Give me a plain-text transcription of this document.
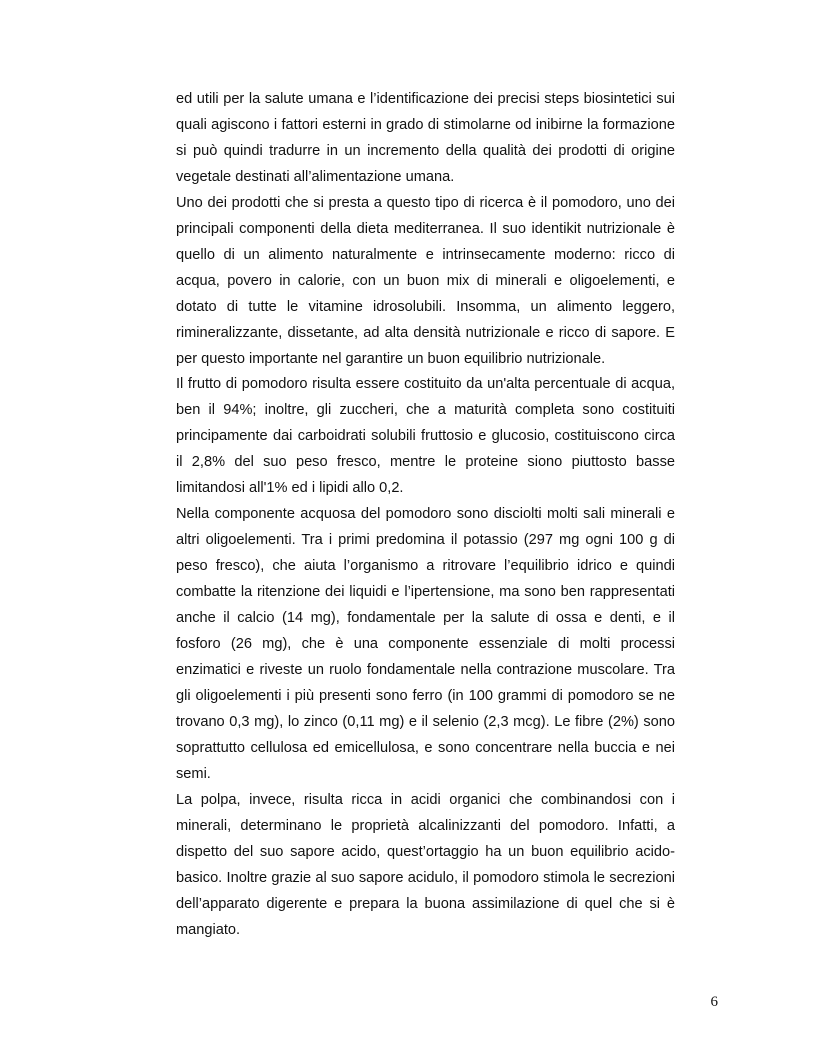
ed utili per la salute umana e l’identificazione dei precisi steps biosintetici sui quali agiscono i fattori esterni in grado di stimolarne od inibirne la formazione si può quindi tradurre in un incremento della qualità dei prodotti di origine vegetale destinati all’alimentazione umana.

Uno dei prodotti che si presta a questo tipo di ricerca è il pomodoro, uno dei principali componenti della dieta mediterranea. Il suo identikit nutrizionale è quello di un alimento naturalmente e intrinsecamente moderno: ricco di acqua, povero in calorie, con un buon mix di minerali e oligoelementi, e dotato di tutte le vitamine idrosolubili. Insomma, un alimento leggero, rimineralizzante, dissetante, ad alta densità nutrizionale e ricco di sapore. E per questo importante nel garantire un buon equilibrio nutrizionale.

Il frutto di pomodoro risulta essere costituito da un'alta percentuale di acqua, ben il 94%; inoltre, gli zuccheri, che a maturità completa sono costituiti principamente dai carboidrati solubili fruttosio e glucosio, costituiscono circa il 2,8% del suo peso fresco, mentre le proteine siono piuttosto basse limitandosi all'1% ed i lipidi allo 0,2.

Nella componente acquosa del pomodoro sono disciolti molti sali minerali e altri oligoelementi. Tra i primi predomina il potassio (297 mg ogni 100 g di peso fresco), che aiuta l’organismo a ritrovare l’equilibrio idrico e quindi combatte la ritenzione dei liquidi e l’ipertensione, ma sono ben rappresentati anche il calcio (14 mg), fondamentale per la salute di ossa e denti, e il fosforo (26 mg), che è una componente essenziale di molti processi enzimatici e riveste un ruolo fondamentale nella contrazione muscolare. Tra gli oligoelementi i più presenti sono ferro (in 100 grammi di pomodoro se ne trovano 0,3 mg), lo zinco (0,11 mg) e il selenio (2,3 mcg). Le fibre (2%) sono soprattutto cellulosa ed emicellulosa, e sono concentrare nella buccia e nei semi.

La polpa, invece, risulta ricca in acidi organici che combinandosi con i minerali, determinano le proprietà alcalinizzanti del pomodoro. Infatti, a dispetto del suo sapore acido, quest’ortaggio ha un buon equilibrio acido-basico. Inoltre grazie al suo sapore acidulo, il pomodoro stimola le secrezioni dell’apparato digerente e prepara la buona assimilazione di quel che si è mangiato.

6
